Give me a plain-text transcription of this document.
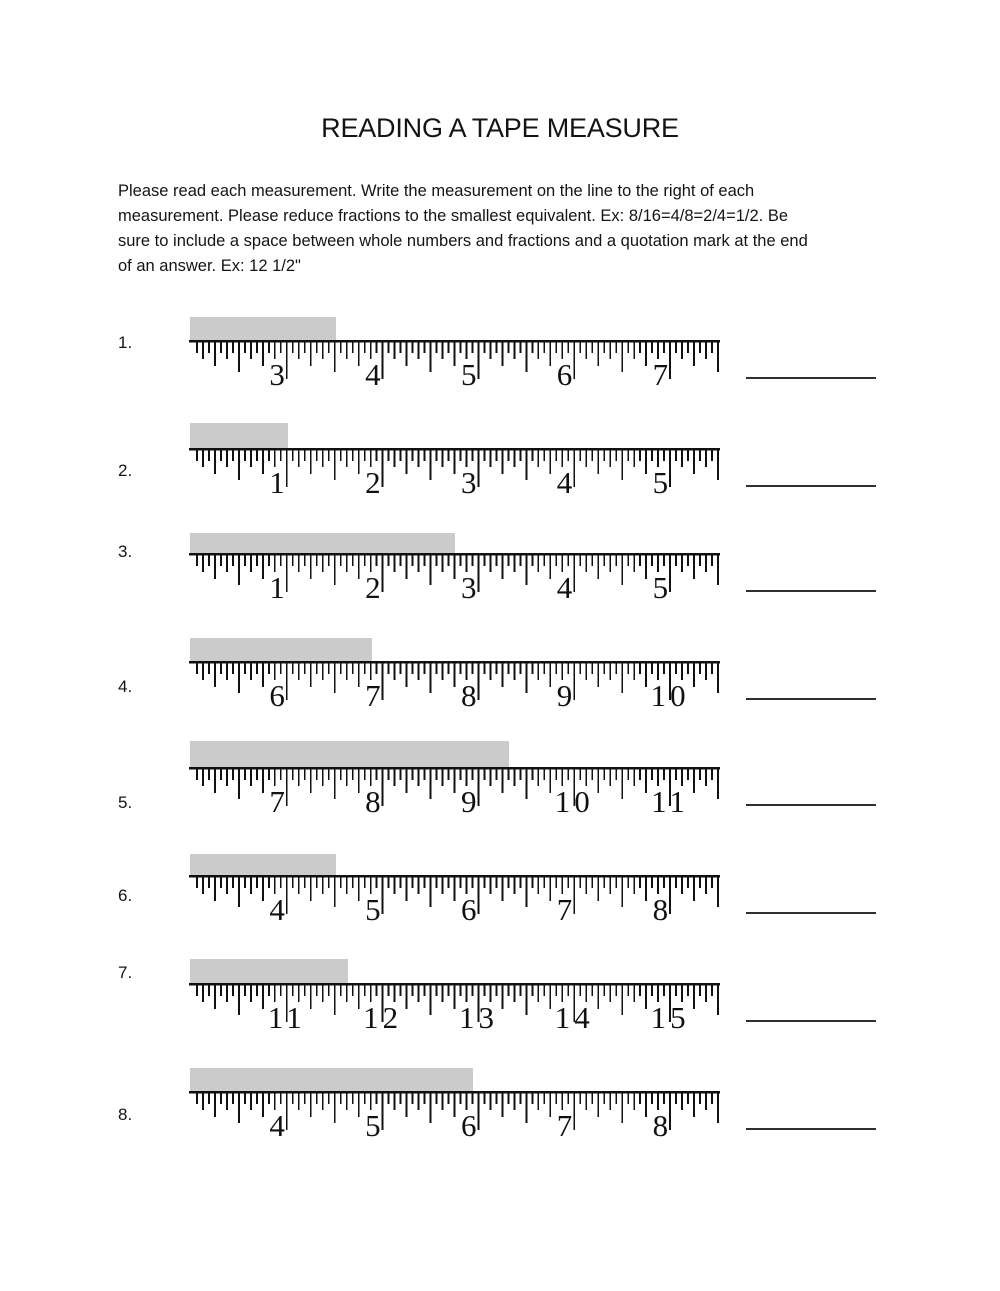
READING A TAPE MEASURE
Please read each measurement. Write the measurement on the line to the right of each
measurement. Please reduce fractions to the smallest equivalent. Ex: 8/16=4/8=2/4=1/2. Be
sure to include a space between whole numbers and fractions and a quotation mark at the end
of an answer. Ex: 12 1/2"
1.
3	4	5	6	7
2.	1	2	3	4	5
3.
1	2	3	4	5
4.	6	7	8	9	10
5.	7	8	9	10 11
6.	4	5	6	7	8
7.
11 12 13 14 15
8.	4	5	6	7	8
